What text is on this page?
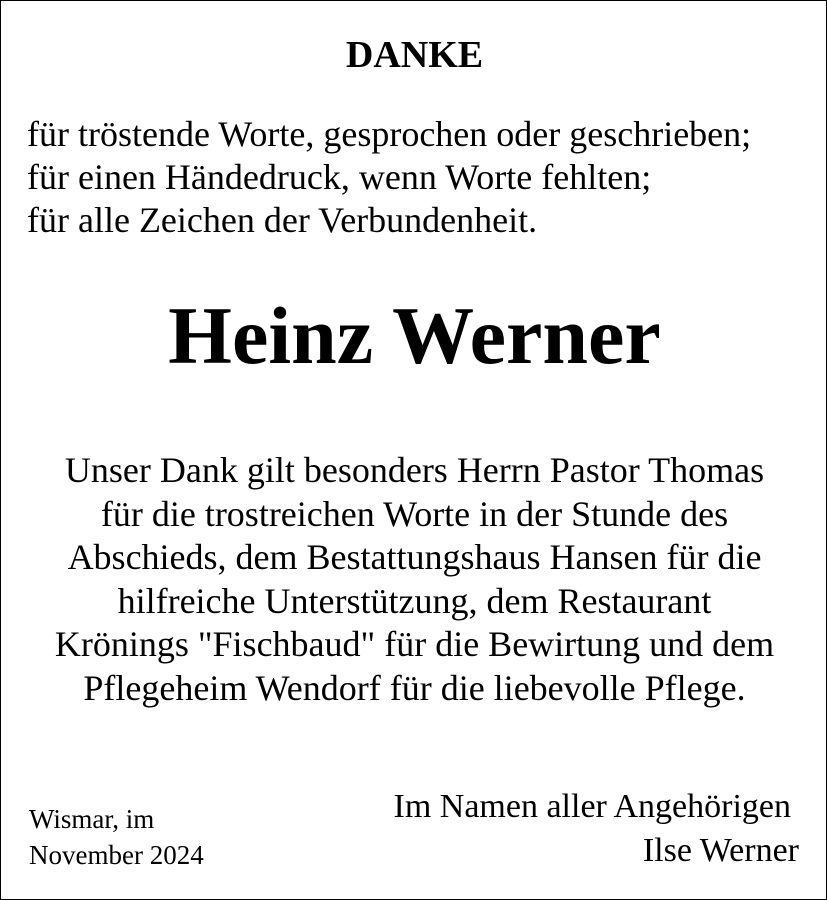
DANKE
für tröstende Worte, gesprochen oder geschrieben;
für einen Händedruck, wenn Worte fehlten;
für alle Zeichen der Verbundenheit.
Heinz Werner
Unser Dank gilt besonders Herrn Pastor Thomas
für die trostreichen Worte in der Stunde des
Abschieds, dem Bestattungshaus Hansen für die
hilfreiche Unterstützung, dem Restaurant
Krönings "Fischbaud" für die Bewirtung und dem
Pflegeheim Wendorf für die liebevolle Pflege.
Wismar, im
November 2024
Im Namen aller Angehörigen
Ilse Werner
